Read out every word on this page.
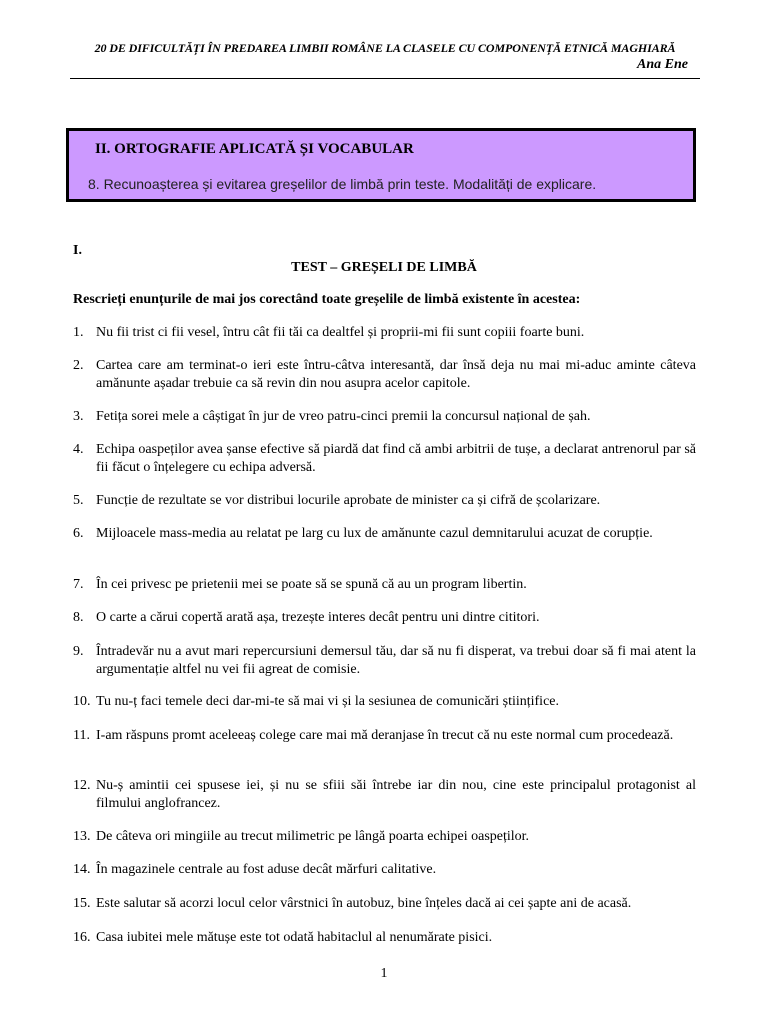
20 DE DIFICULTĂȚI ÎN PREDAREA LIMBII ROMÂNE LA CLASELE CU COMPONENȚĂ ETNICĂ MAGHIARĂ
Ana Ene
II. ORTOGRAFIE APLICATĂ ȘI VOCABULAR
8. Recunoașterea și evitarea greșelilor de limbă prin teste. Modalități de explicare.
I.
TEST – GREȘELI DE LIMBĂ
Rescrieți enunțurile de mai jos corectând toate greșelile de limbă existente în acestea:
1. Nu fii trist ci fii vesel, întru cât fii tăi ca dealtfel și proprii-mi fii sunt copiii foarte buni.
2. Cartea care am terminat-o ieri este întru-câtva interesantă, dar însă deja nu mai mi-aduc aminte câteva amănunte așadar trebuie ca să revin din nou asupra acelor capitole.
3. Fetița sorei mele a câștigat în jur de vreo patru-cinci premii la concursul național de șah.
4. Echipa oaspeților avea șanse efective să piardă dat find că ambi arbitrii de tușe, a declarat antrenorul par să fii făcut o înțelegere cu echipa adversă.
5. Funcție de rezultate se vor distribui locurile aprobate de minister ca și cifră de școlarizare.
6. Mijloacele mass-media au relatat pe larg cu lux de amănunte cazul demnitarului acuzat de corupție.
7. În cei privesc pe prietenii mei se poate să se spună că au un program libertin.
8. O carte a cărui copertă arată așa, trezește interes decât pentru uni dintre cititori.
9. Întradevăr nu a avut mari repercursiuni demersul tău, dar să nu fi disperat, va trebui doar să fi mai atent la argumentație altfel nu vei fii agreat de comisie.
10. Tu nu-ț faci temele deci dar-mi-te să mai vi și la sesiunea de comunicări științifice.
11. I-am răspuns promt aceleeaș colege care mai mă deranjase în trecut că nu este normal cum procedează.
12. Nu-ș amintii cei spusese iei, și nu se sfiii săi întrebe iar din nou, cine este principalul protagonist al filmului anglofrancez.
13. De câteva ori mingiile au trecut milimetric pe lângă poarta echipei oaspeților.
14. În magazinele centrale au fost aduse decât mărfuri calitative.
15. Este salutar să acorzi locul celor vârstnici în autobuz, bine înțeles dacă ai cei șapte ani de acasă.
16. Casa iubitei mele mătușe este tot odată habitaclul al nenumărate pisici.
1
